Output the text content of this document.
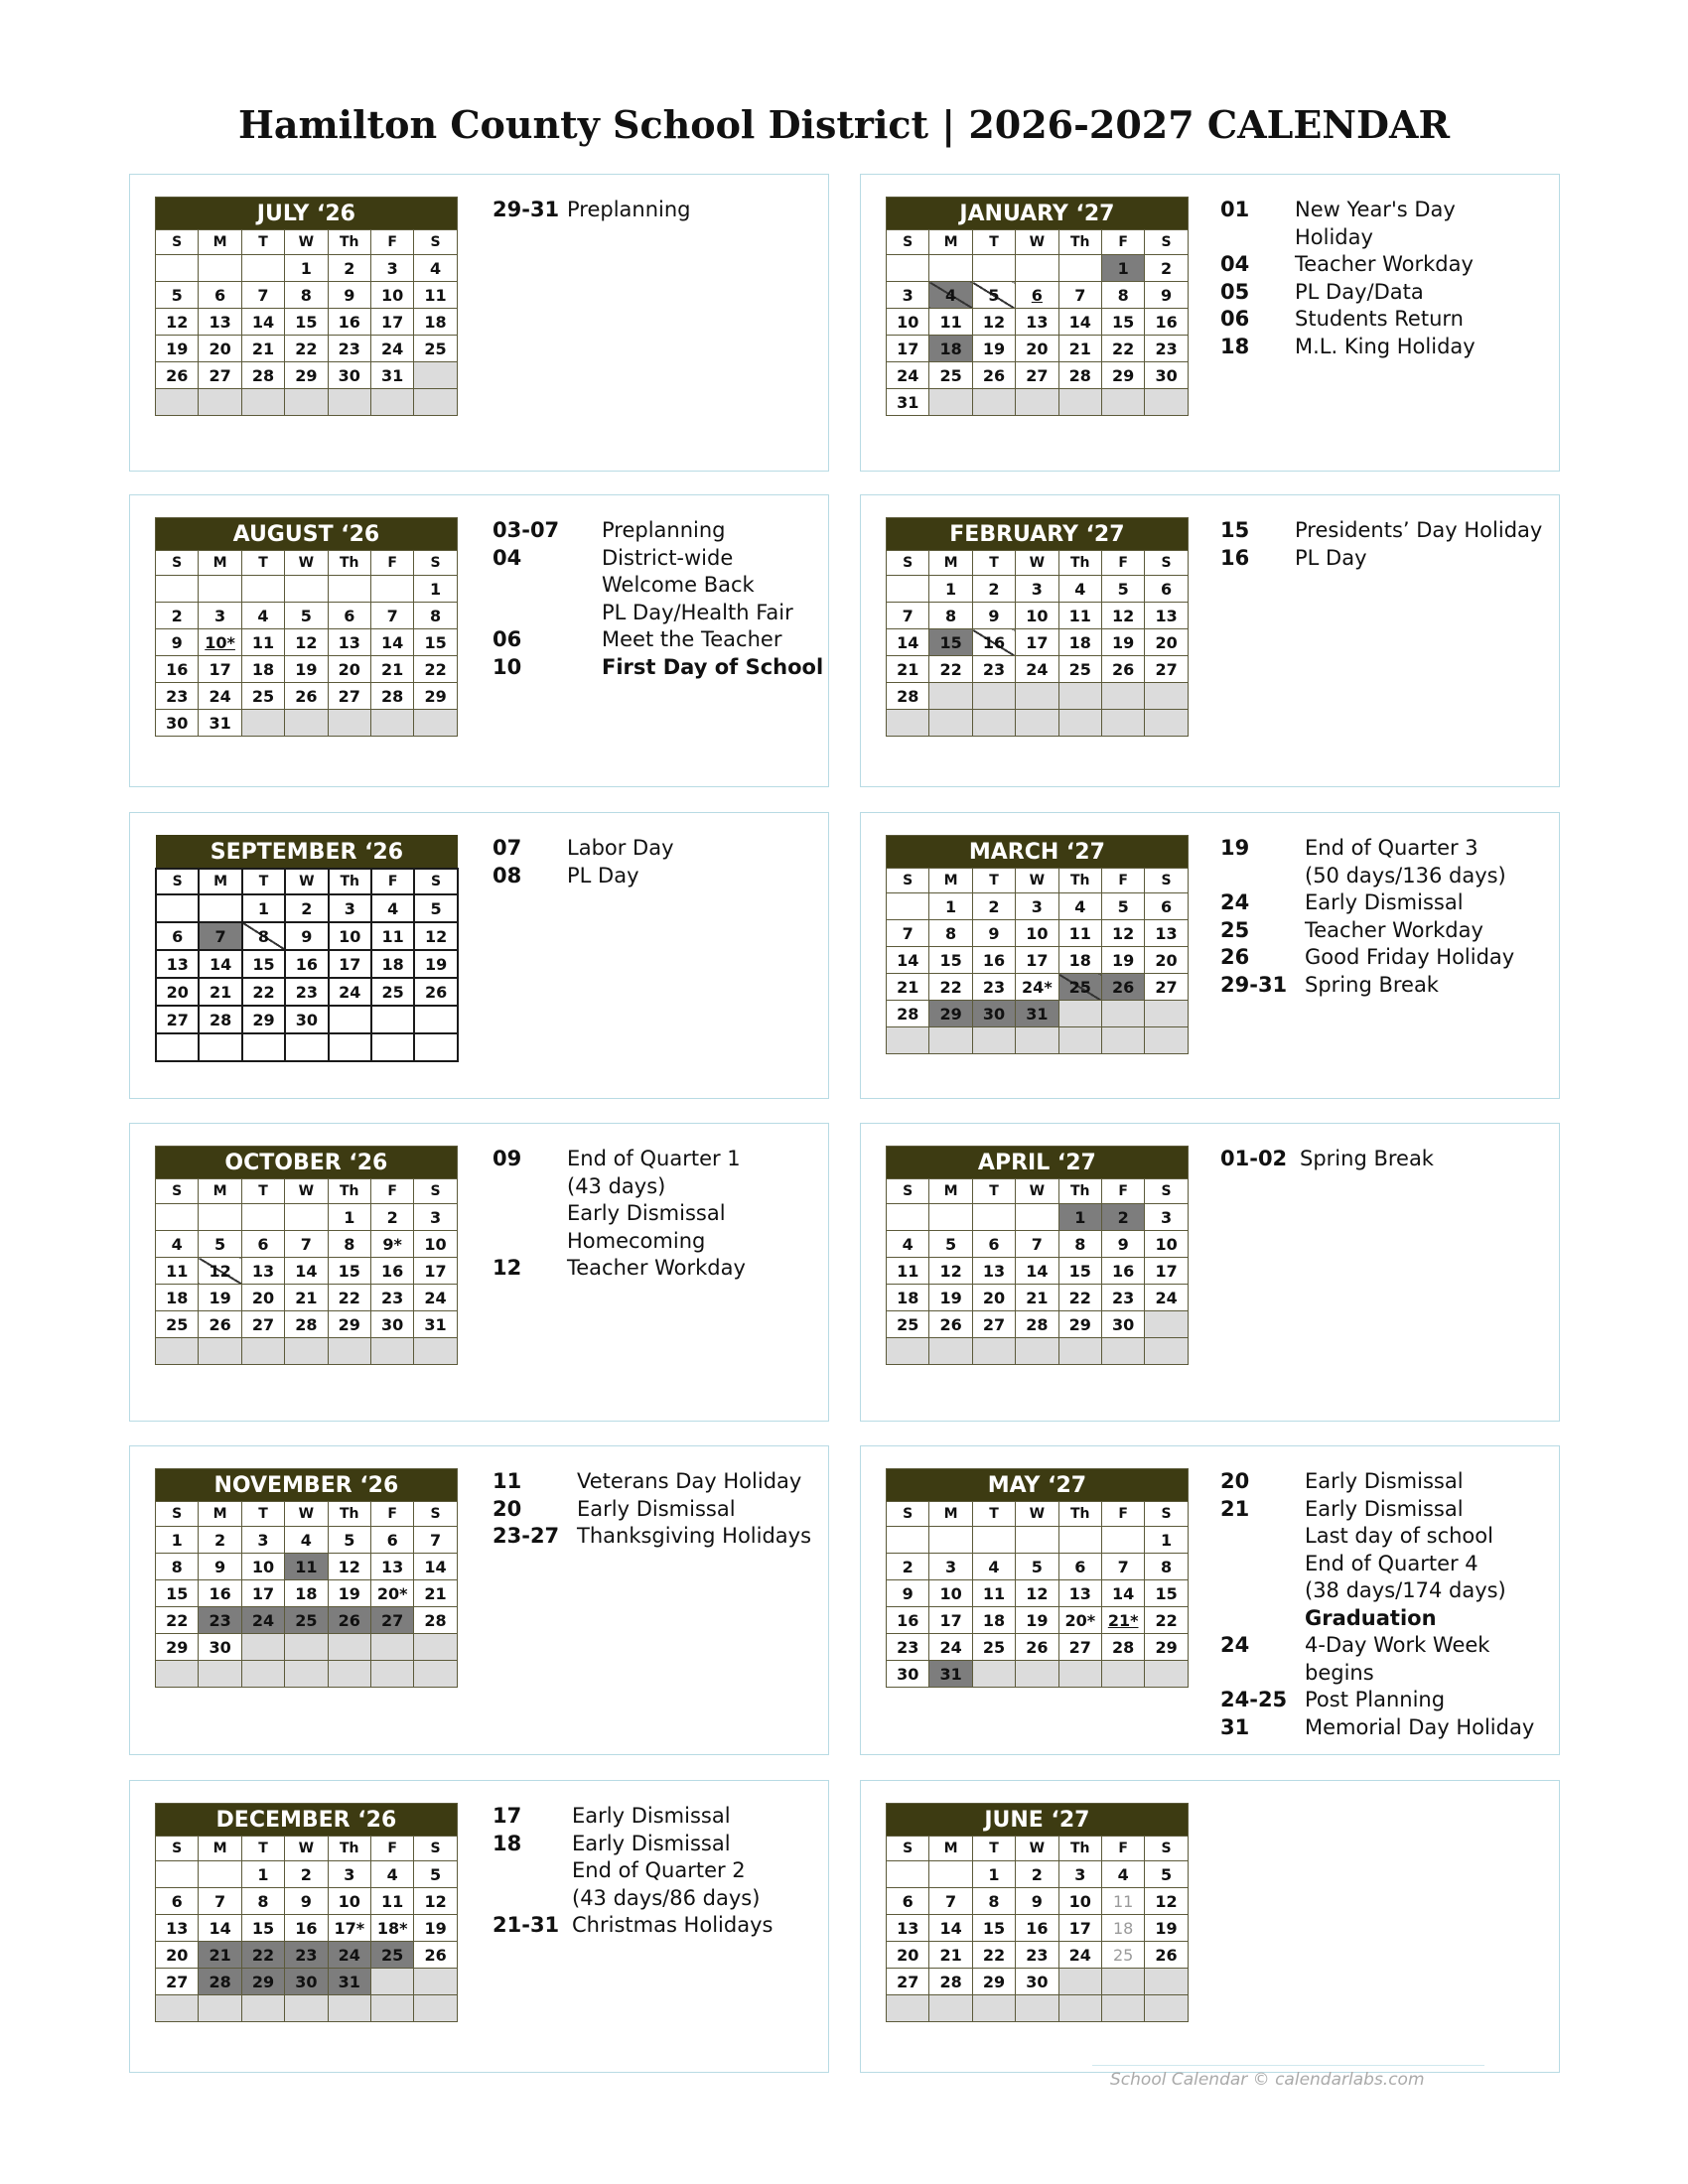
Hamilton County School District | 2026-2027 CALENDAR
JULY ‘26						
S	M	T	W	Th	F	S
			1	2	3	4
5	6	7	8	9	10	11
12	13	14	15	16	17	18
19	20	21	22	23	24	25
26	27	28	29	30	31	

29-31 Preplanning	JANUARY ‘27						
S	M	T	W	Th	F	S
					1	2
3	4	5	6	7	8	9
10	11	12	13	14	15	16
17	18	19	20	21	22	23
24	25	26	27	28	29	30
31						
01	New Year's Day
Holiday
04	Teacher Workday
05	PL Day/Data
06	Students Return
18	M.L. King Holiday
AUGUST ‘26						
S	M	T	W	Th	F	S
						1
2	3	4	5	6	7	8
9	10*	11	12	13	14	15
16	17	18	19	20	21	22
23	24	25	26	27	28	29
30	31					
03-07	Preplanning
04	District-wide
Welcome Back
PL Day/Health Fair
06	Meet the Teacher
10	First Day of School
FEBRUARY ‘27						
S	M	T	W	Th	F	S
	1	2	3	4	5	6
7	8	9	10	11	12	13
14	15	16	17	18	19	20
21	22	23	24	25	26	27
28						

15	Presidents’ Day Holiday
16	PL Day
SEPTEMBER ‘26						
S	M	T	W	Th	F	S
		1	2	3	4	5
6	7	8	9	10	11	12
13	14	15	16	17	18	19
20	21	22	23	24	25	26
27	28	29	30			

07	Labor Day
08	PL Day
MARCH ‘27						
S	M	T	W	Th	F	S
	1	2	3	4	5	6
7	8	9	10	11	12	13
14	15	16	17	18	19	20
21	22	23	24*	25	26	27
28	29	30	31			

19	End of Quarter 3
(50 days/136 days)
24	Early Dismissal
25	Teacher Workday
26	Good Friday Holiday
29-31 Spring Break
OCTOBER ‘26						
S	M	T	W	Th	F	S
				1	2	3
4	5	6	7	8	9*	10
11	12	13	14	15	16	17
18	19	20	21	22	23	24
25	26	27	28	29	30	31

09	End of Quarter 1
(43 days)
Early Dismissal
Homecoming
12	Teacher Workday
APRIL ‘27						
S	M	T	W	Th	F	S
				1	2	3
4	5	6	7	8	9	10
11	12	13	14	15	16	17
18	19	20	21	22	23	24
25	26	27	28	29	30	

01-02 Spring Break
NOVEMBER ‘26						
S	M	T	W	Th	F	S
1	2	3	4	5	6	7
8	9	10	11	12	13	14
15	16	17	18	19	20*	21
22	23	24	25	26	27	28
29	30					

11	Veterans Day Holiday
20	Early Dismissal
23-27 Thanksgiving Holidays
MAY ‘27						
S	M	T	W	Th	F	S
						1
2	3	4	5	6	7	8
9	10	11	12	13	14	15
16	17	18	19	20*	21*	22
23	24	25	26	27	28	29
30	31					
20	Early Dismissal
21	Early Dismissal
Last day of school
End of Quarter 4
(38 days/174 days)
Graduation
24	4-Day Work Week
begins
24-25 Post Planning
31	Memorial Day Holiday
DECEMBER ‘26						
S	M	T	W	Th	F	S
		1	2	3	4	5
6	7	8	9	10	11	12
13	14	15	16	17*	18*	19
20	21	22	23	24	25	26
27	28	29	30	31		

17	Early Dismissal
18	Early Dismissal
End of Quarter 2
(43 days/86 days)
21-31 Christmas Holidays
JUNE ‘27						
S	M	T	W	Th	F	S
		1	2	3	4	5
6	7	8	9	10	11	12
13	14	15	16	17	18	19
20	21	22	23	24	25	26
27	28	29	30			

School Calendar © calendarlabs.com
